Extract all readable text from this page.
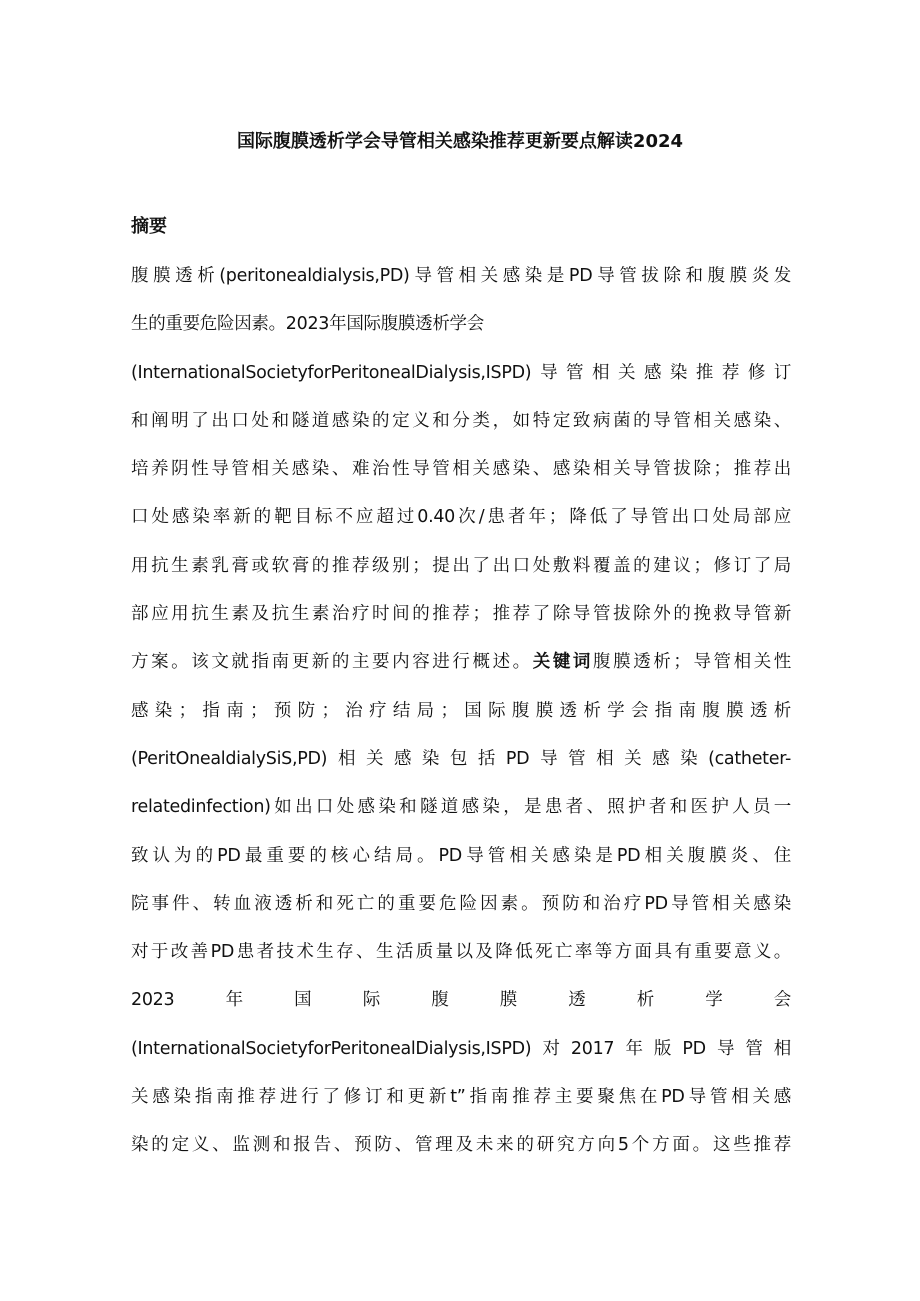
国际腹膜透析学会导管相关感染推荐更新要点解读2024
摘要
腹膜透析(peritonealdialysis,PD)导管相关感染是PD导管拔除和腹膜炎发
生的重要危险因素。2023年国际腹膜透析学会
(InternationalSocietyforPeritonealDialysis,ISPD)导管相关感染推荐修订
和阐明了出口处和隧道感染的定义和分类，如特定致病菌的导管相关感染、
培养阴性导管相关感染、难治性导管相关感染、感染相关导管拔除；推荐出
口处感染率新的靶目标不应超过0.40次/患者年；降低了导管出口处局部应
用抗生素乳膏或软膏的推荐级别；提出了出口处敷料覆盖的建议；修订了局
部应用抗生素及抗生素治疗时间的推荐；推荐了除导管拔除外的挽救导管新
方案。该文就指南更新的主要内容进行概述。关键词腹膜透析；导管相关性
感染；指南；预防；治疗结局；国际腹膜透析学会指南腹膜透析
(PeritOnealdialySiS,PD)相关感染包括PD导管相关感染(catheter-
relatedinfection)如出口处感染和隧道感染，是患者、照护者和医护人员一
致认为的PD最重要的核心结局。PD导管相关感染是PD相关腹膜炎、住
院事件、转血液透析和死亡的重要危险因素。预防和治疗PD导管相关感染
对于改善PD患者技术生存、生活质量以及降低死亡率等方面具有重要意义。
2023	年	国	际	腹	膜	透	析	学	会
(InternationalSocietyforPeritonealDialysis,ISPD)对2017年版PD导管相
关感染指南推荐进行了修订和更新t”指南推荐主要聚焦在PD导管相关感
染的定义、监测和报告、预防、管理及未来的研究方向5个方面。这些推荐
